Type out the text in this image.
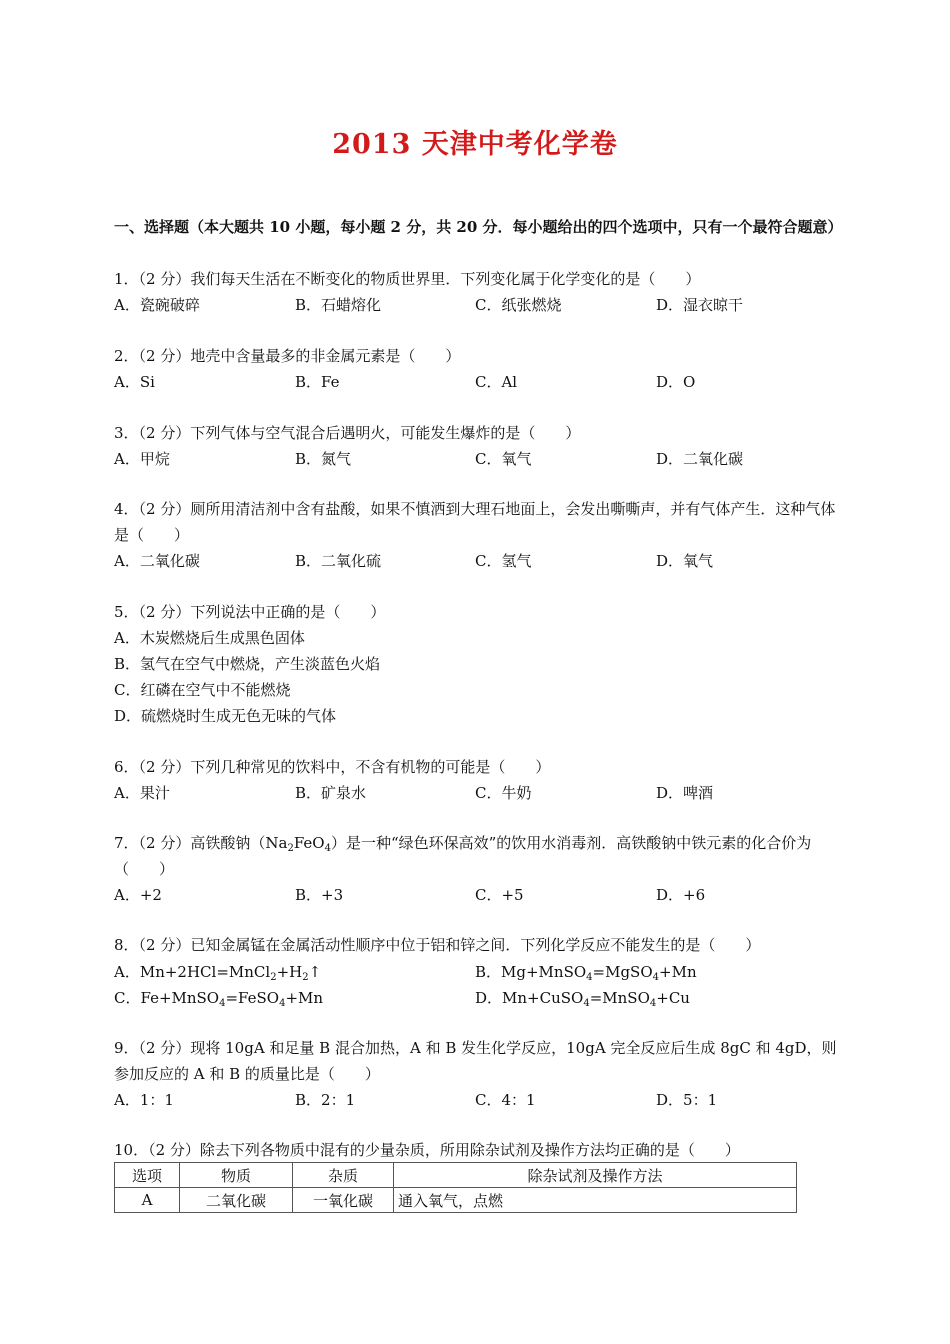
2013 天津中考化学卷
一、选择题（本大题共 10 小题，每小题 2 分，共 20 分．每小题给出的四个选项中，只有一个最符合题意）
1．（2 分）我们每天生活在不断变化的物质世界里．下列变化属于化学变化的是（　　）
A．瓷碗破碎	B．石蜡熔化	C．纸张燃烧	D．湿衣晾干
2．（2 分）地壳中含量最多的非金属元素是（　　）
A．Si	B．Fe	C．Al	D．O
3．（2 分）下列气体与空气混合后遇明火，可能发生爆炸的是（　　）
A．甲烷	B．氮气	C．氧气	D．二氧化碳
4．（2 分）厕所用清洁剂中含有盐酸，如果不慎洒到大理石地面上，会发出嘶嘶声，并有气体产生．这种气体是（　　）
A．二氧化碳	B．二氧化硫	C．氢气	D．氧气
5．（2 分）下列说法中正确的是（　　）
A．木炭燃烧后生成黑色固体
B．氢气在空气中燃烧，产生淡蓝色火焰
C．红磷在空气中不能燃烧
D．硫燃烧时生成无色无味的气体
6．（2 分）下列几种常见的饮料中，不含有机物的可能是（　　）
A．果汁	B．矿泉水	C．牛奶	D．啤酒
7．（2 分）高铁酸钠$(Na_2FeO_4)$是一种“绿色环保高效”的饮用水消毒剂．高铁酸钠中铁元素的化合价为（　　）
A．+2	B．+3	C．+5	D．+6
8．（2 分）已知金属锰在金属活动性顺序中位于铝和锌之间．下列化学反应不能发生的是（　　）
A．$Mn+2HCl=MnCl_2+H_2↑$	B．Mg+MnSO$_4$=MgSO$_4$+Mn
C．Fe+MnSO$_4$=FeSO$_4$+Mn	D．Mn+CuSO$_4$=MnSO$_4$+Cu
9．（2 分）现将 10gA 和足量 B 混合加热，A 和 B 发生化学反应，10gA 完全反应后生成 8gC 和 4gD，则参加反应的 A 和 B 的质量比是（　　）
A．1：1	B．2：1	C．4：1	D．5：1
10．（2 分）除去下列各物质中混有的少量杂质，所用除杂试剂及操作方法均正确的是（　　）
选项	物质	杂质	除杂试剂及操作方法
A	二氧化碳	一氧化碳	通入氧气，点燃
